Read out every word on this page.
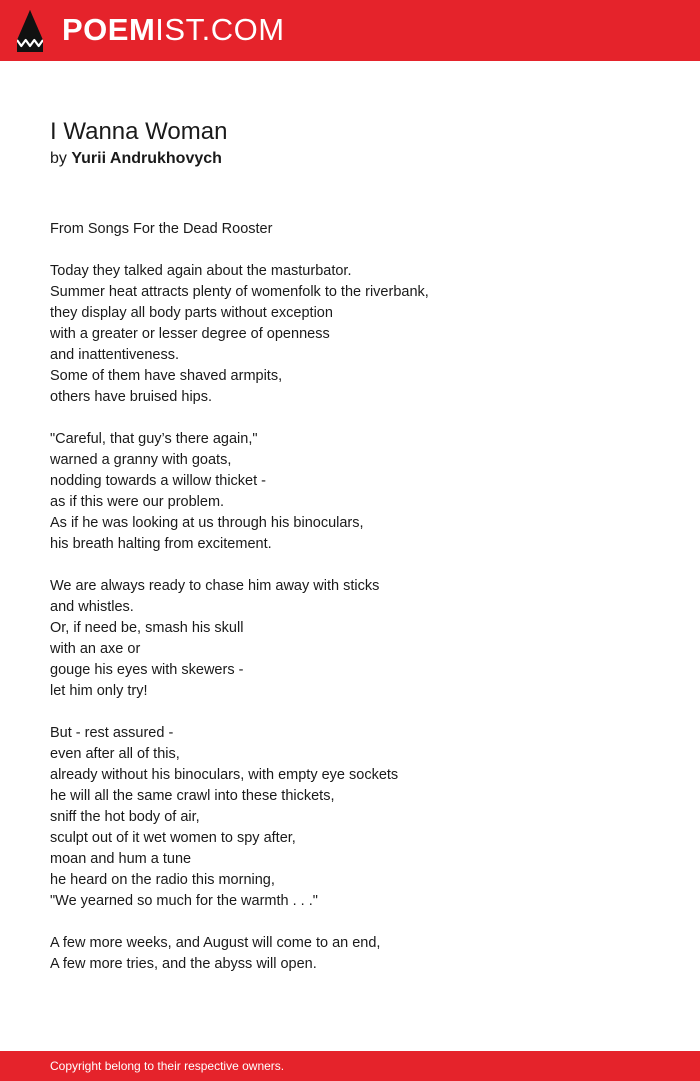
POEMIST.COM
I Wanna Woman
by Yurii Andrukhovych
From Songs For the Dead Rooster
Today they talked again about the masturbator.
Summer heat attracts plenty of womenfolk to the riverbank,
they display all body parts without exception
with a greater or lesser degree of openness
and inattentiveness.
Some of them have shaved armpits,
others have bruised hips.
"Careful, that guy’s there again,"
warned a granny with goats,
nodding towards a willow thicket -
as if this were our problem.
As if he was looking at us through his binoculars,
his breath halting from excitement.
We are always ready to chase him away with sticks
and whistles.
Or, if need be, smash his skull
with an axe or
gouge his eyes with skewers -
let him only try!
But - rest assured -
even after all of this,
already without his binoculars, with empty eye sockets
he will all the same crawl into these thickets,
sniff the hot body of air,
sculpt out of it wet women to spy after,
moan and hum a tune
he heard on the radio this morning,
"We yearned so much for the warmth . . ."
A few more weeks, and August will come to an end,
A few more tries, and the abyss will open.
Copyright belong to their respective owners.
